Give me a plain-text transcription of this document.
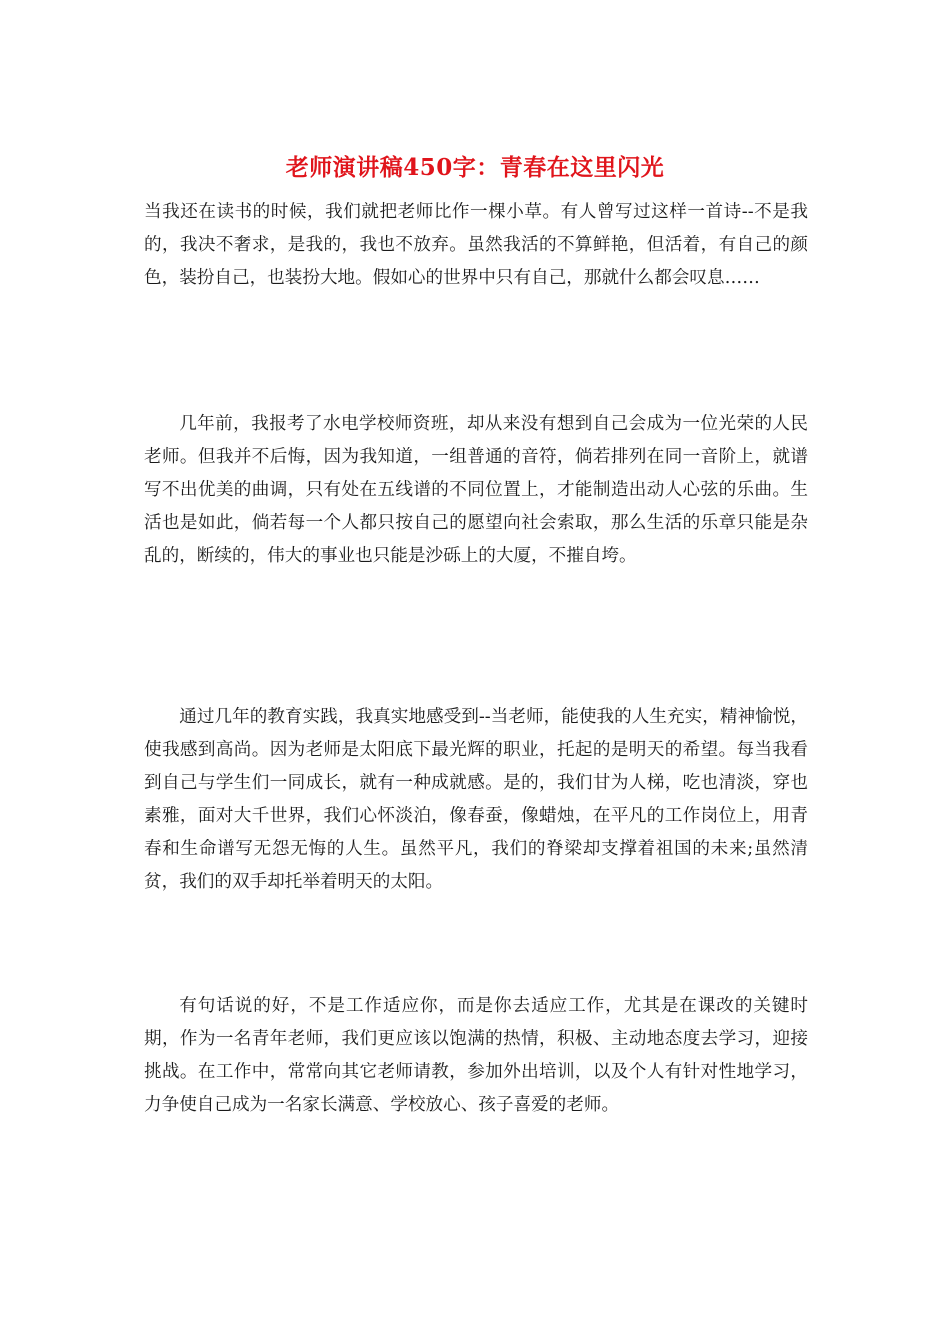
老师演讲稿450字：青春在这里闪光

当我还在读书的时候，我们就把老师比作一棵小草。有人曾写过这样一首诗--不是我的，我决不奢求，是我的，我也不放弃。虽然我活的不算鲜艳，但活着，有自己的颜色，装扮自己，也装扮大地。假如心的世界中只有自己，那就什么都会叹息……

几年前，我报考了水电学校师资班，却从来没有想到自己会成为一位光荣的人民老师。但我并不后悔，因为我知道，一组普通的音符，倘若排列在同一音阶上，就谱写不出优美的曲调，只有处在五线谱的不同位置上，才能制造出动人心弦的乐曲。生活也是如此，倘若每一个人都只按自己的愿望向社会索取，那么生活的乐章只能是杂乱的，断续的，伟大的事业也只能是沙砾上的大厦，不摧自垮。

通过几年的教育实践，我真实地感受到--当老师，能使我的人生充实，精神愉悦，使我感到高尚。因为老师是太阳底下最光辉的职业，托起的是明天的希望。每当我看到自己与学生们一同成长，就有一种成就感。是的，我们甘为人梯，吃也清淡，穿也素雅，面对大千世界，我们心怀淡泊，像春蚕，像蜡烛，在平凡的工作岗位上，用青春和生命谱写无怨无悔的人生。虽然平凡，我们的脊梁却支撑着祖国的未来;虽然清贫，我们的双手却托举着明天的太阳。

有句话说的好，不是工作适应你，而是你去适应工作，尤其是在课改的关键时期，作为一名青年老师，我们更应该以饱满的热情，积极、主动地态度去学习，迎接挑战。在工作中，常常向其它老师请教，参加外出培训，以及个人有针对性地学习，力争使自己成为一名家长满意、学校放心、孩子喜爱的老师。
